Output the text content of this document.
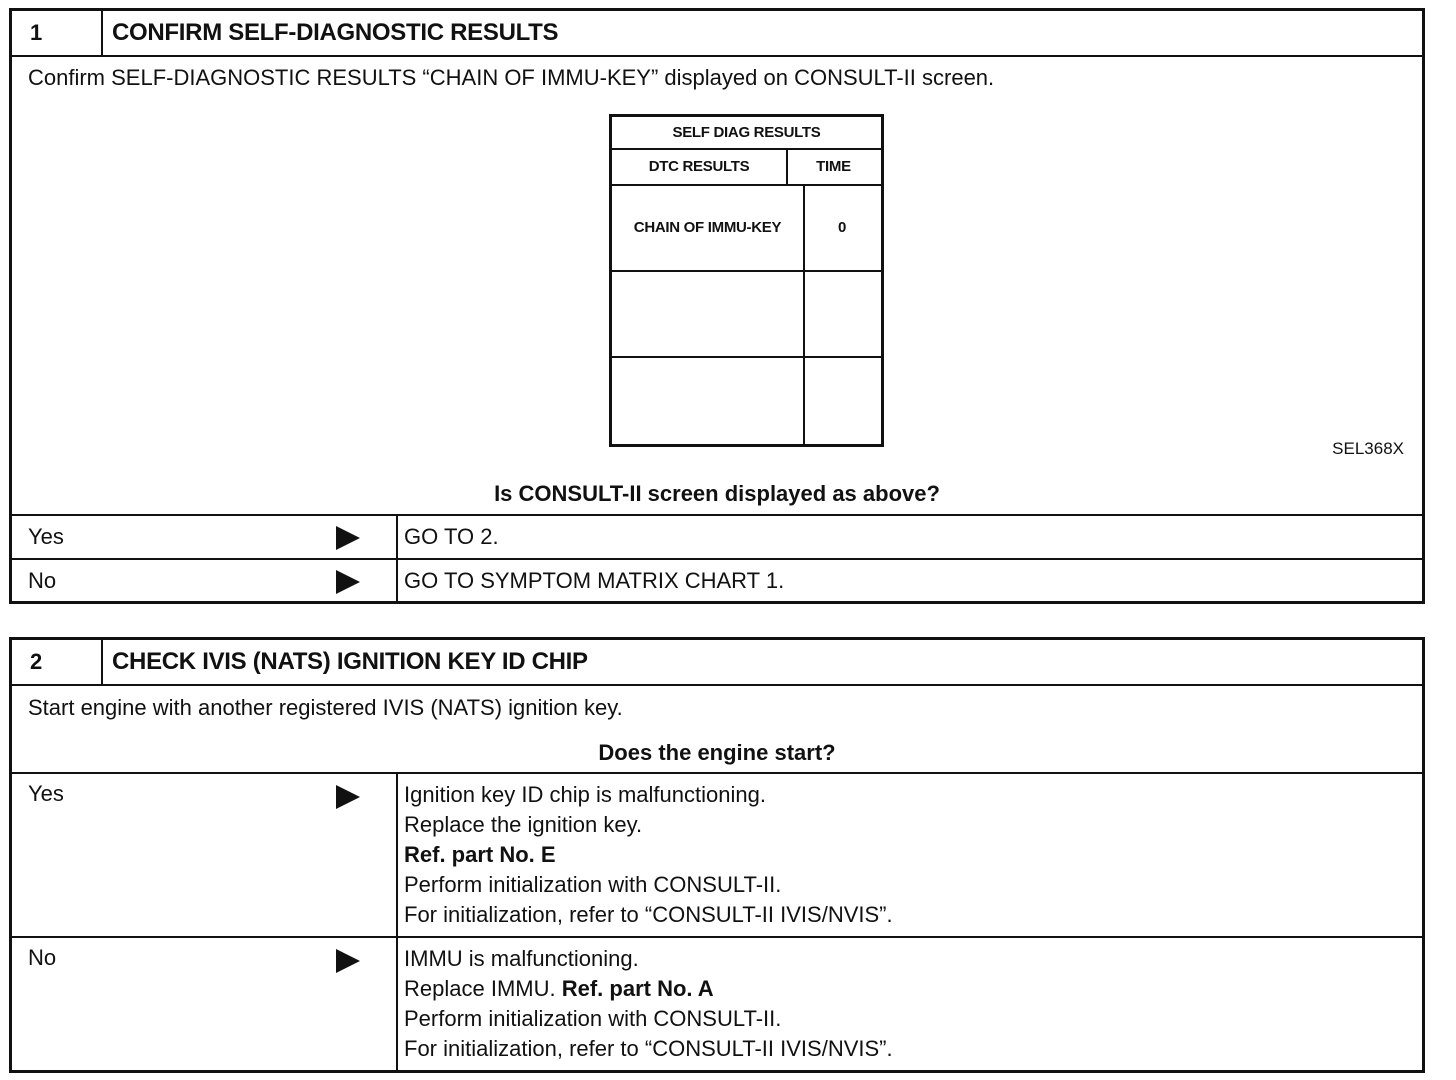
1	CONFIRM SELF-DIAGNOSTIC RESULTS
Confirm SELF-DIAGNOSTIC RESULTS “CHAIN OF IMMU-KEY” displayed on CONSULT-II screen.
SELF DIAG RESULTS
DTC RESULTS	TIME
CHAIN OF IMMU-KEY	0
SEL368X
Is CONSULT-II screen displayed as above?
Yes	GO TO 2.
No	GO TO SYMPTOM MATRIX CHART 1.
2	CHECK IVIS (NATS) IGNITION KEY ID CHIP
Start engine with another registered IVIS (NATS) ignition key.
Does the engine start?
Yes	Ignition key ID chip is malfunctioning.
Replace the ignition key.
Ref. part No. E
Perform initialization with CONSULT-II.
For initialization, refer to “CONSULT-II IVIS/NVIS”.
No	IMMU is malfunctioning.
Replace IMMU. Ref. part No. A
Perform initialization with CONSULT-II.
For initialization, refer to “CONSULT-II IVIS/NVIS”.
